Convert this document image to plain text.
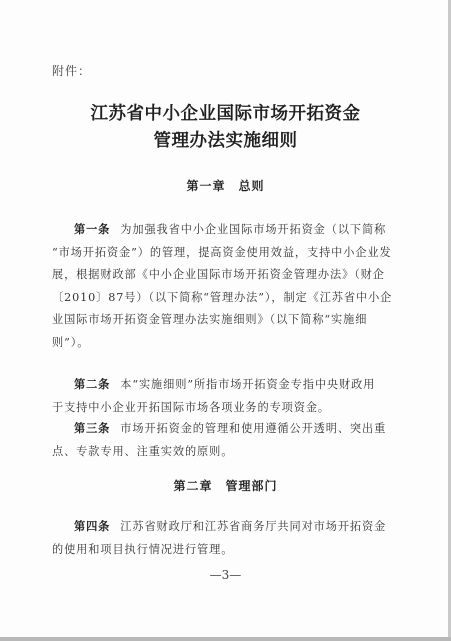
附件：
江苏省中小企业国际市场开拓资金
管理办法实施细则
第一章　总则
第一条 为加强我省中小企业国际市场开拓资金（以下简称
“市场开拓资金”）的管理，提高资金使用效益，支持中小企业发
展，根据财政部《中小企业国际市场开拓资金管理办法》（财企
〔2010〕87号）（以下简称“管理办法”），制定《江苏省中小企
业国际市场开拓资金管理办法实施细则》（以下简称“实施细
则”）。
第二条 本“实施细则”所指市场开拓资金专指中央财政用
于支持中小企业开拓国际市场各项业务的专项资金。
第三条 市场开拓资金的管理和使用遵循公开透明、突出重
点、专款专用、注重实效的原则。
第二章　管理部门
第四条 江苏省财政厅和江苏省商务厅共同对市场开拓资金
的使用和项目执行情况进行管理。
—3—
